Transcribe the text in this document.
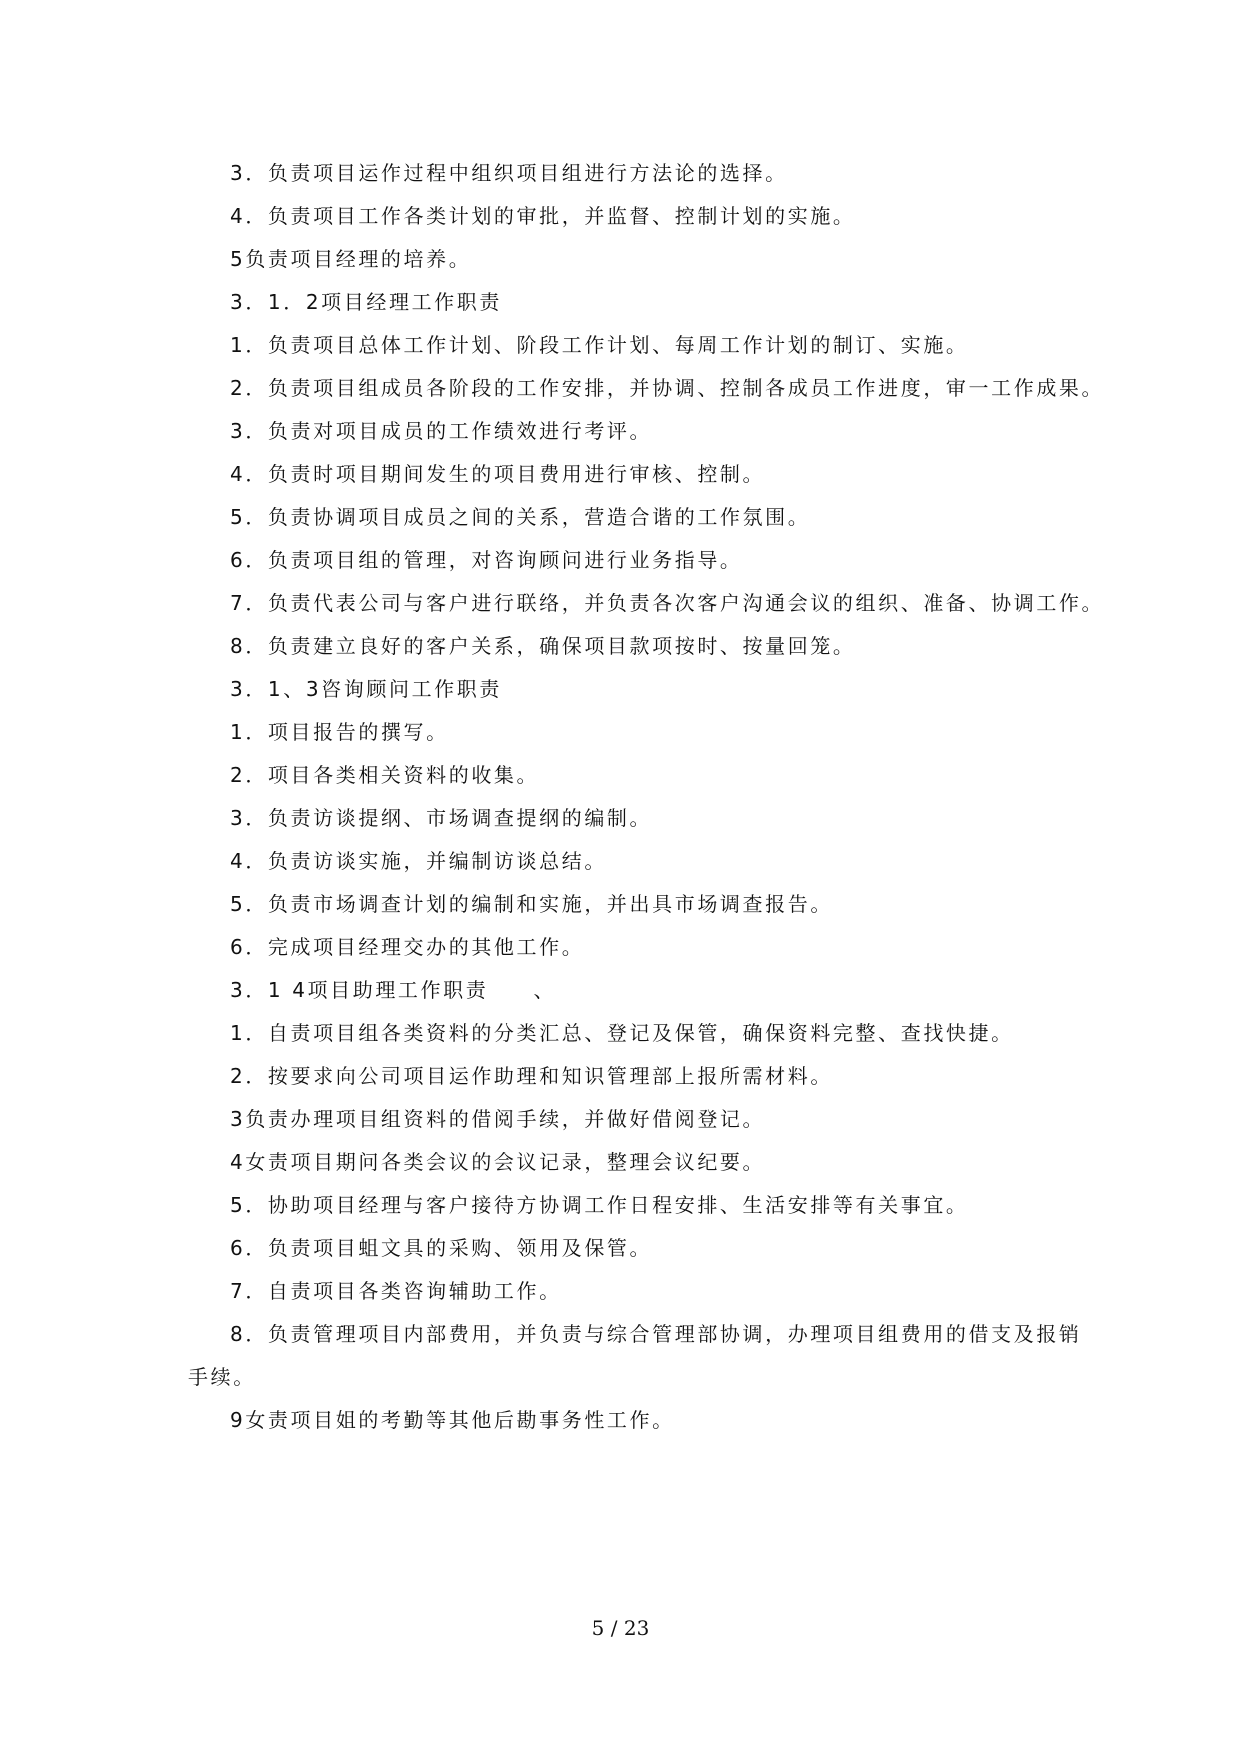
3．负责项目运作过程中组织项目组进行方法论的选择。
4．负责项目工作各类计划的审批，并监督、控制计划的实施。
5负责项目经理的培养。
3．1．2项目经理工作职责
1．负责项目总体工作计划、阶段工作计划、每周工作计划的制订、实施。
2．负责项目组成员各阶段的工作安排，并协调、控制各成员工作进度，审一工作成果。
3．负责对项目成员的工作绩效进行考评。
4．负责时项目期间发生的项目费用进行审核、控制。
5．负责协调项目成员之间的关系，营造合谐的工作氛围。
6．负责项目组的管理，对咨询顾问进行业务指导。
7．负责代表公司与客户进行联络，并负责各次客户沟通会议的组织、准备、协调工作。
8．负责建立良好的客户关系，确保项目款项按时、按量回笼。
3．1、3咨询顾问工作职责
1．项目报告的撰写。
2．项目各类相关资料的收集。
3．负责访谈提纲、市场调查提纲的编制。
4．负责访谈实施，并编制访谈总结。
5．负责市场调查计划的编制和实施，并出具市场调查报告。
6．完成项目经理交办的其他工作。
3．1 4项目助理工作职责　　、
1．自责项目组各类资料的分类汇总、登记及保管，确保资料完整、查找快捷。
2．按要求向公司项目运作助理和知识管理部上报所需材料。
3负责办理项目组资料的借阅手续，并做好借阅登记。
4女责项目期问各类会议的会议记录，整理会议纪要。
5．协助项目经理与客户接待方协调工作日程安排、生活安排等有关事宜。
6．负责项目蛆文具的采购、领用及保管。
7．自责项目各类咨询辅助工作。
8．负责管理项目内部费用，并负责与综合管理部协调，办理项目组费用的借支及报销
手续。
9女责项目姐的考勤等其他后勘事务性工作。
5 / 23
